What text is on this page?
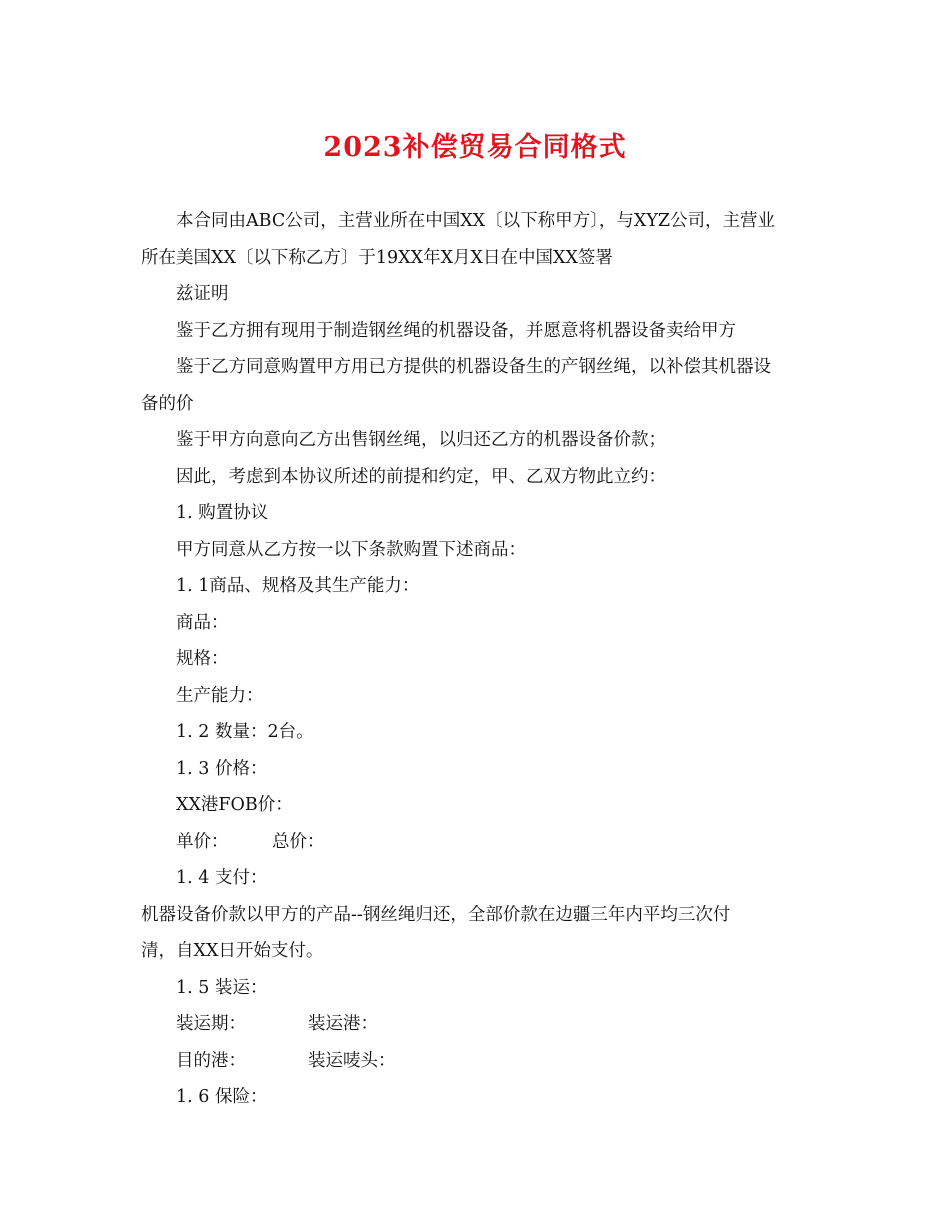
2023补偿贸易合同格式

本合同由ABC公司，主营业所在中国XX〔以下称甲方〕，与XYZ公司，主营业

所在美国XX〔以下称乙方〕于19XX年X月X日在中国XX签署

兹证明

鉴于乙方拥有现用于制造钢丝绳的机器设备，并愿意将机器设备卖给甲方

鉴于乙方同意购置甲方用已方提供的机器设备生的产钢丝绳，以补偿其机器设

备的价

鉴于甲方向意向乙方出售钢丝绳，以归还乙方的机器设备价款；

因此，考虑到本协议所述的前提和约定，甲、乙双方物此立约：

1. 购置协议

甲方同意从乙方按一以下条款购置下述商品：

1. 1商品、规格及其生产能力：

商品：

规格：

生产能力：

1. 2 数量：2台。

1. 3 价格：

XX港FOB价：

单价： 总价：

1. 4 支付：

机器设备价款以甲方的产品--钢丝绳归还，全部价款在边疆三年内平均三次付

清，自XX日开始支付。

1. 5 装运：

装运期：	装运港：

目的港：	装运唛头：

1. 6 保险：
